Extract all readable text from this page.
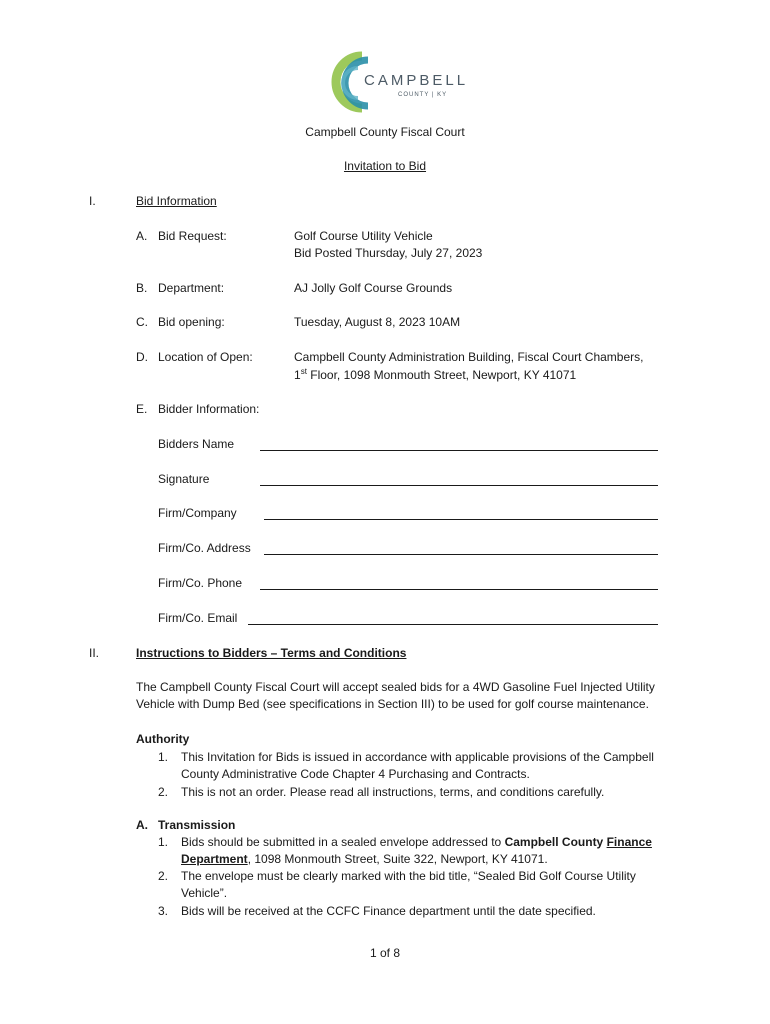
CAMPBELL
COUNTY | KY
Campbell County Fiscal Court
Invitation to Bid
I.	Bid Information
A. Bid Request:	Golf Course Utility Vehicle
Bid Posted Thursday, July 27, 2023
B. Department:	AJ Jolly Golf Course Grounds
C. Bid opening:	Tuesday, August 8, 2023 10AM
D. Location of Open:	Campbell County Administration Building, Fiscal Court Chambers,
1st Floor, 1098 Monmouth Street, Newport, KY 41071
E. Bidder Information:
Bidders Name
Signature
Firm/Company
Firm/Co. Address
Firm/Co. Phone
Firm/Co. Email
II.	Instructions to Bidders – Terms and Conditions
The Campbell County Fiscal Court will accept sealed bids for a 4WD Gasoline Fuel Injected Utility
Vehicle with Dump Bed (see specifications in Section III) to be used for golf course maintenance.
Authority
1. This Invitation for Bids is issued in accordance with applicable provisions of the Campbell
County Administrative Code Chapter 4 Purchasing and Contracts.
2. This is not an order. Please read all instructions, terms, and conditions carefully.
A. Transmission
1. Bids should be submitted in a sealed envelope addressed to Campbell County Finance
Department, 1098 Monmouth Street, Suite 322, Newport, KY 41071.
2. The envelope must be clearly marked with the bid title, “Sealed Bid Golf Course Utility
Vehicle”.
3. Bids will be received at the CCFC Finance department until the date specified.
1 of 8
